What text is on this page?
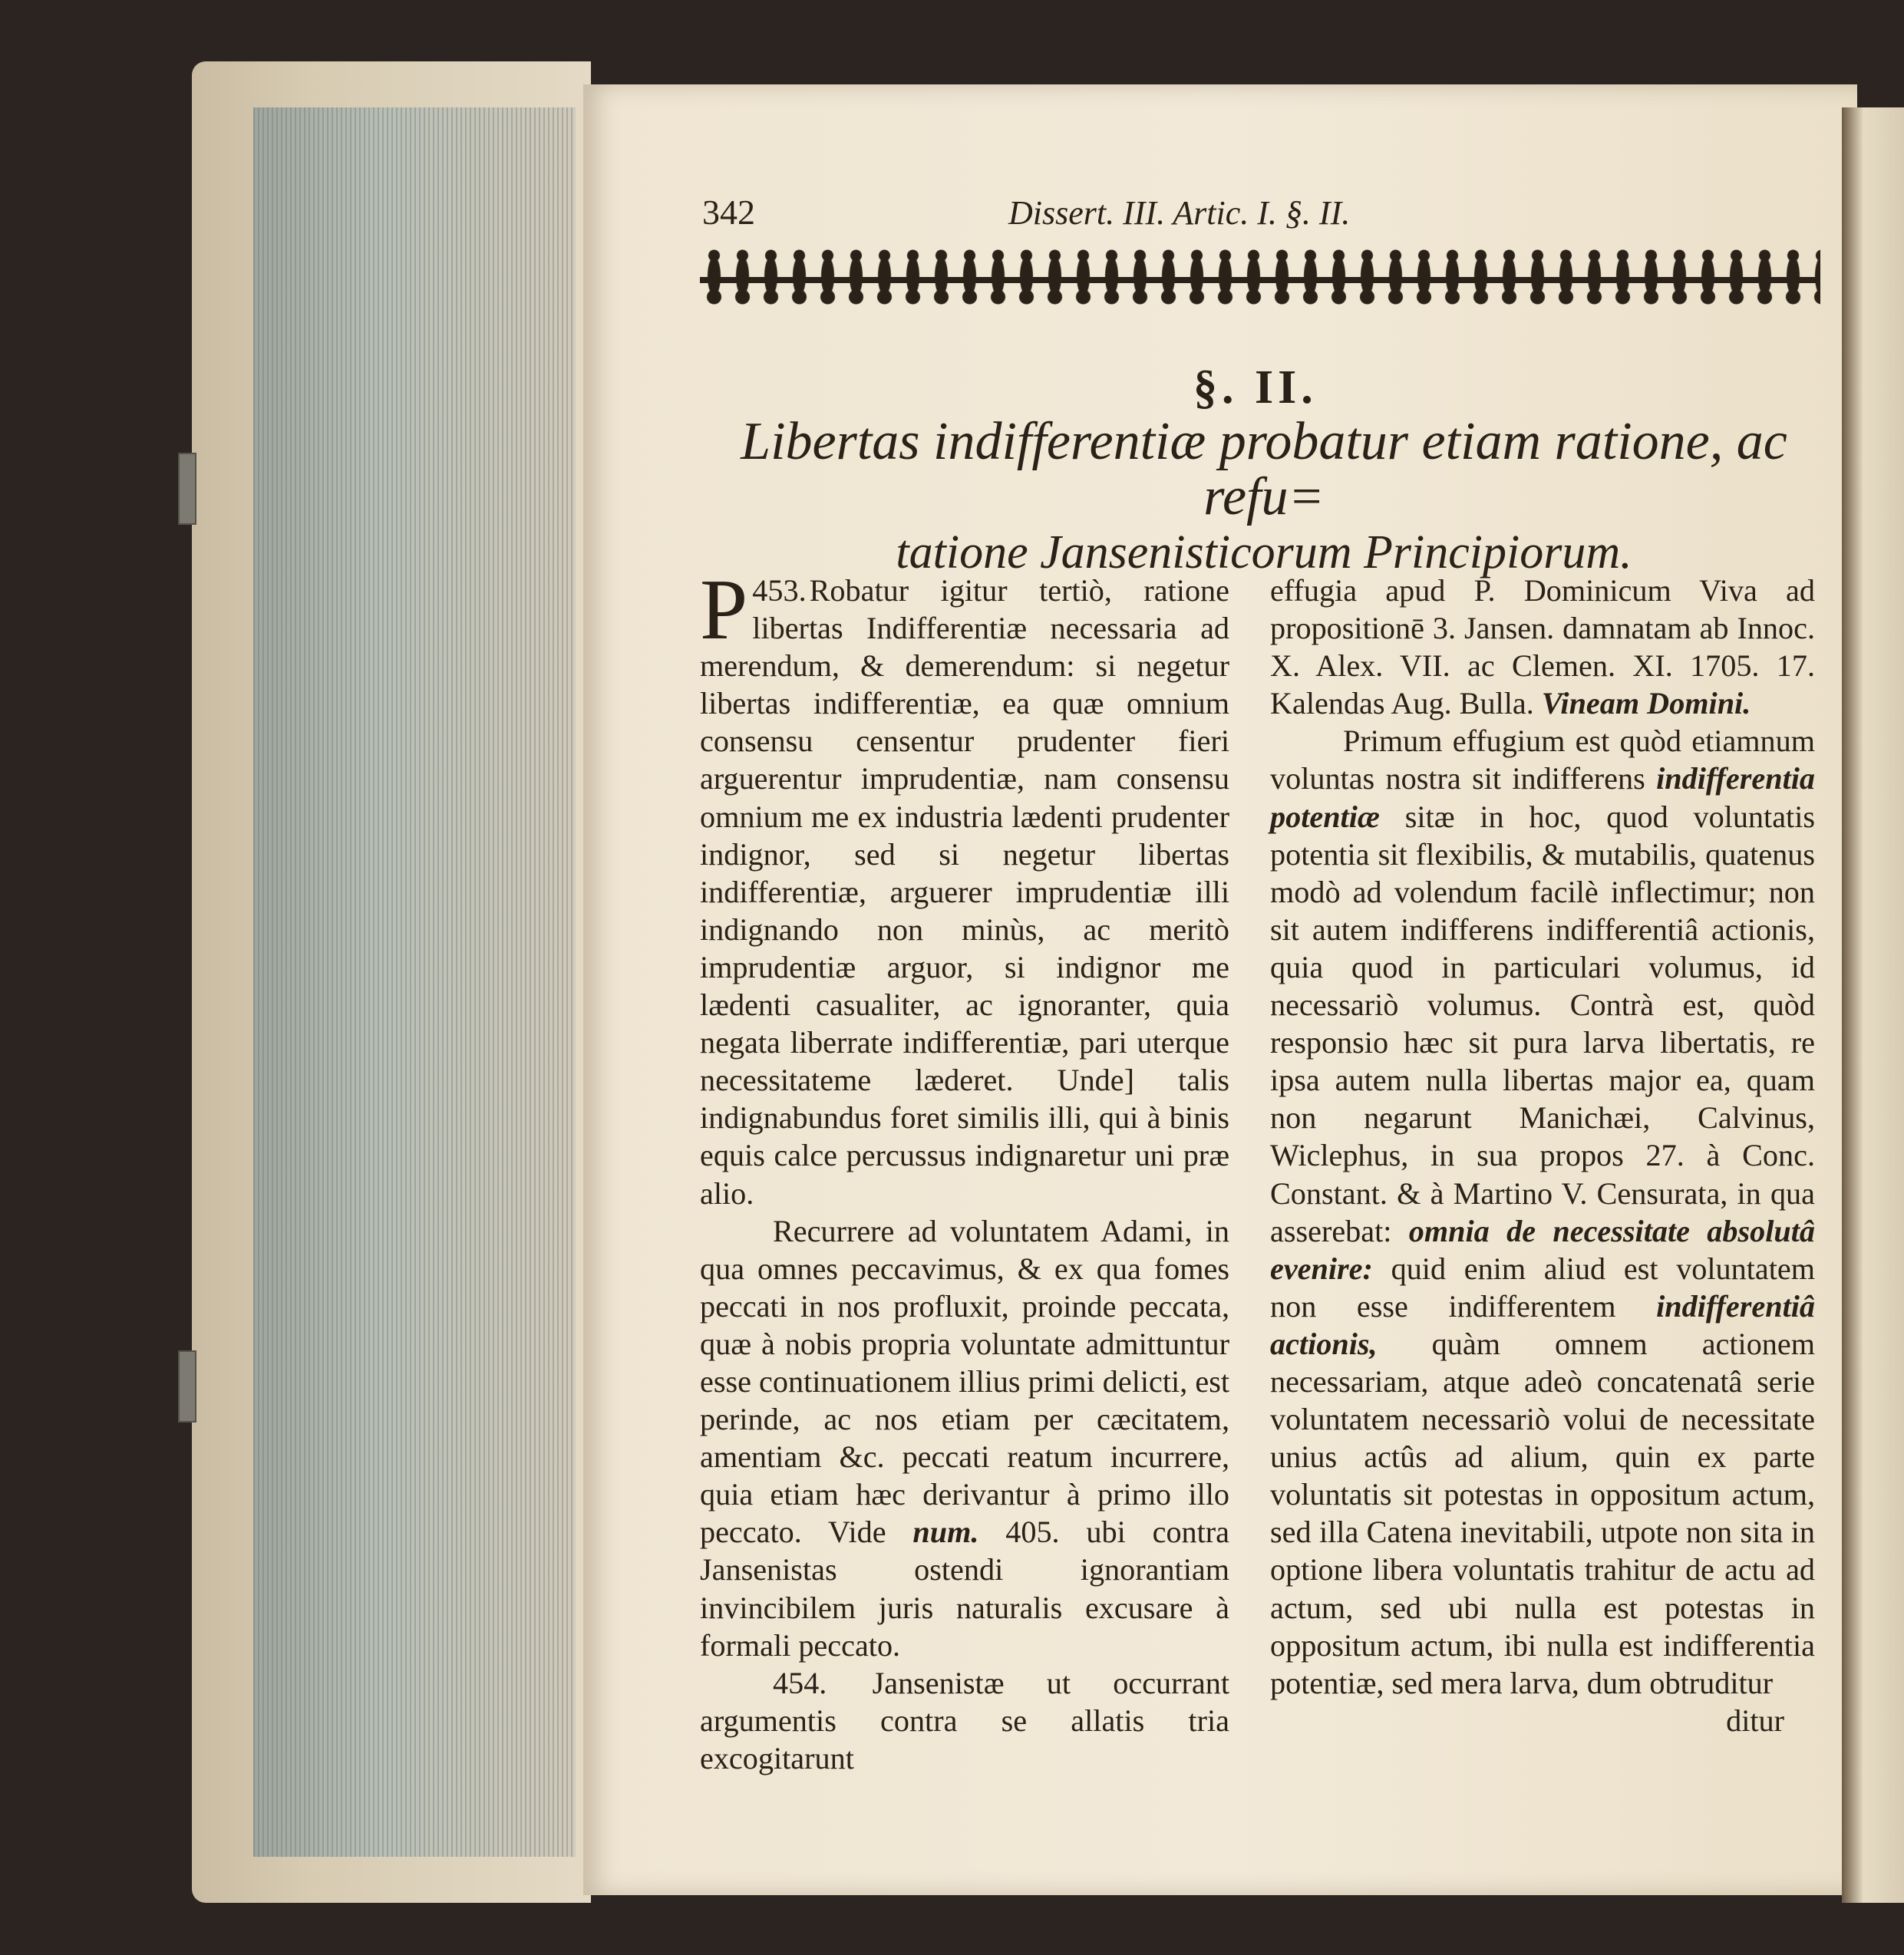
342	Dissert. III. Artic. I. §. II.
§. II.
Libertas indifferentiæ probatur etiam ratione, ac refu=
tatione Jansenisticorum Principiorum.

453.
P Robatur igitur tertiò, ratione libertas Indifferentiæ necessaria ad merendum, & demerendum: si negetur libertas indifferentiæ, ea quæ omnium consensu censentur prudenter fieri arguerentur imprudentiæ, nam consensu omnium me ex industria lædenti prudenter indignor, sed si negetur libertas indifferentiæ, arguerer imprudentiæ illi indignando non minùs, ac meritò imprudentiæ arguor, si indignor me lædenti casualiter, ac ignoranter, quia negata liberrate indifferentiæ, pari uterque necessitateme læderet. Unde] talis indignabundus foret similis illi, qui à binis equis calce percussus indignaretur uni præ alio.

Recurrere ad voluntatem Adami, in qua omnes peccavimus, & ex qua fomes peccati in nos profluxit, proinde peccata, quæ à nobis propria voluntate admittuntur esse continuationem illius primi delicti, est perinde, ac nos etiam per cæcitatem, amentiam &c. peccati reatum incurrere, quia etiam hæc derivantur à primo illo peccato. Vide num. 405. ubi contra Jansenistas ostendi ignorantiam invincibilem juris naturalis excusare à formali peccato.

454. Jansenistæ ut occurrant argumentis contra se allatis tria excogitarunt

effugia apud P. Dominicum Viva ad propositionē 3. Jansen. damnatam ab Innoc. X. Alex. VII. ac Clemen. XI. 1705. 17. Kalendas Aug. Bulla. Vineam Domini.

Primum effugium est quòd etiamnum voluntas nostra sit indifferens indifferentia potentiæ sitæ in hoc, quod voluntatis potentia sit flexibilis, & mutabilis, quatenus modò ad volendum facilè inflectimur; non sit autem indifferens indifferentiâ actionis, quia quod in particulari volumus, id necessariò volumus. Contrà est, quòd responsio hæc sit pura larva libertatis, re ipsa autem nulla libertas major ea, quam non negarunt Manichæi, Calvinus, Wiclephus, in sua propos 27. à Conc. Constant. & à Martino V. Censurata, in qua asserebat: omnia de necessitate absolutâ evenire: quid enim aliud est voluntatem non esse indifferentem indifferentiâ actionis, quàm omnem actionem necessariam, atque adeò concatenatâ serie voluntatem necessariò volui de necessitate unius actûs ad alium, quin ex parte voluntatis sit potestas in oppositum actum, sed illa Catena inevitabili, utpote non sita in optione libera voluntatis trahitur de actu ad actum, sed ubi nulla est potestas in oppositum actum, ibi nulla est indifferentia potentiæ, sed mera larva, dum obtruditur

ditur
